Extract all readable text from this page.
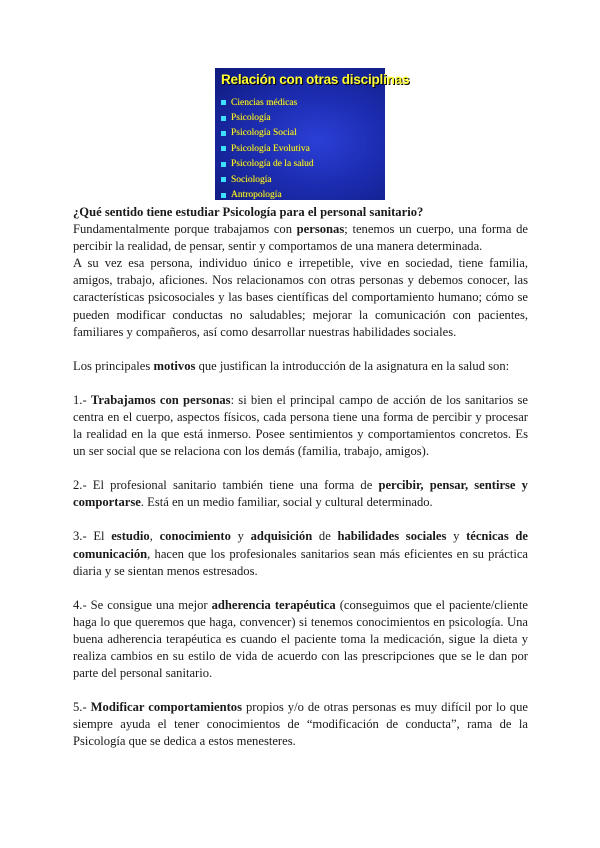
Relación con otras disciplinas
Ciencias médicas
Psicología
Psicología Social
Psicología Evolutiva
Psicología de la salud
Sociología
Antropología

¿Qué sentido tiene estudiar Psicología para el personal sanitario?

Fundamentalmente porque trabajamos con personas; tenemos un cuerpo, una forma de percibir la realidad, de pensar, sentir y comportamos de una manera determinada.

A su vez esa persona, individuo único e irrepetible, vive en sociedad, tiene familia, amigos, trabajo, aficiones. Nos relacionamos con otras personas y debemos conocer, las características psicosociales y las bases científicas del comportamiento humano; cómo se pueden modificar conductas no saludables; mejorar la comunicación con pacientes, familiares y compañeros, así como desarrollar nuestras habilidades sociales.

Los principales motivos que justifican la introducción de la asignatura en la salud son:

1.- Trabajamos con personas: si bien el principal campo de acción de los sanitarios se centra en el cuerpo, aspectos físicos, cada persona tiene una forma de percibir y procesar la realidad en la que está inmerso. Posee sentimientos y comportamientos concretos. Es un ser social que se relaciona con los demás (familia, trabajo, amigos).

2.- El profesional sanitario también tiene una forma de percibir, pensar, sentirse y comportarse. Está en un medio familiar, social y cultural determinado.

3.- El estudio, conocimiento y adquisición de habilidades sociales y técnicas de comunicación, hacen que los profesionales sanitarios sean más eficientes en su práctica diaria y se sientan menos estresados.

4.- Se consigue una mejor adherencia terapéutica (conseguimos que el paciente/cliente haga lo que queremos que haga, convencer) si tenemos conocimientos en psicología. Una buena adherencia terapéutica es cuando el paciente toma la medicación, sigue la dieta y realiza cambios en su estilo de vida de acuerdo con las prescripciones que se le dan por parte del personal sanitario.

5.- Modificar comportamientos propios y/o de otras personas es muy difícil por lo que siempre ayuda el tener conocimientos de “modificación de conducta”, rama de la Psicología que se dedica a estos menesteres.
